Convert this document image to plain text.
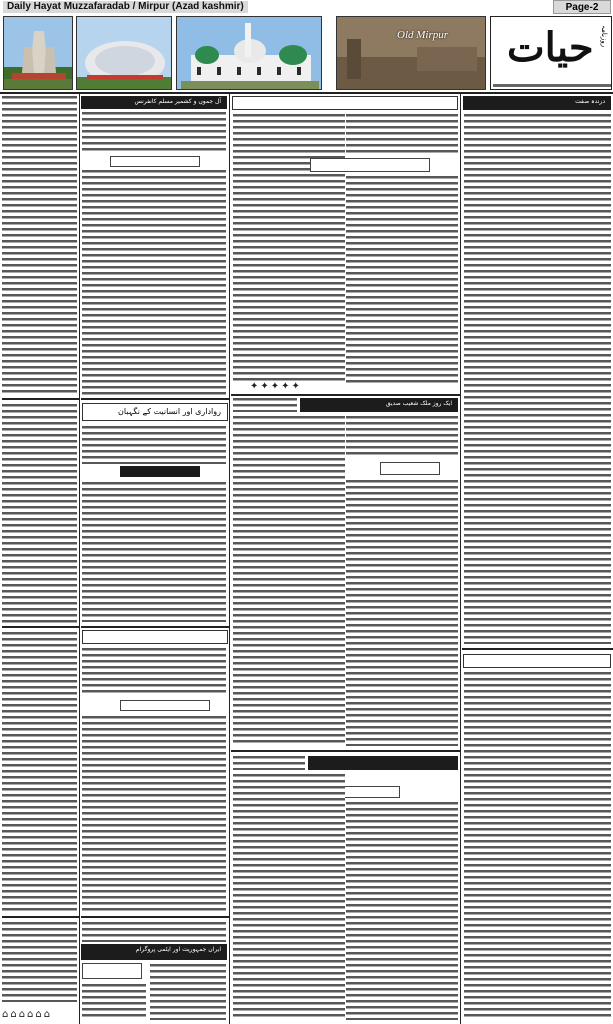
Daily Hayat Muzzafaradab / Mirpur (Azad kashmir)	Page-2
Old Mirpur حیات روزنامہ
⌂⌂⌂⌂⌂⌂
آل جموں و کشمیر مسلم کانفرنس
رواداری اور انسانیت کے نگہبان
ایران جمہوریت اور ایٹمی پروگرام
✦✦✦✦✦
ایک روز ملک شعیب صدیق
درندہ صفت
